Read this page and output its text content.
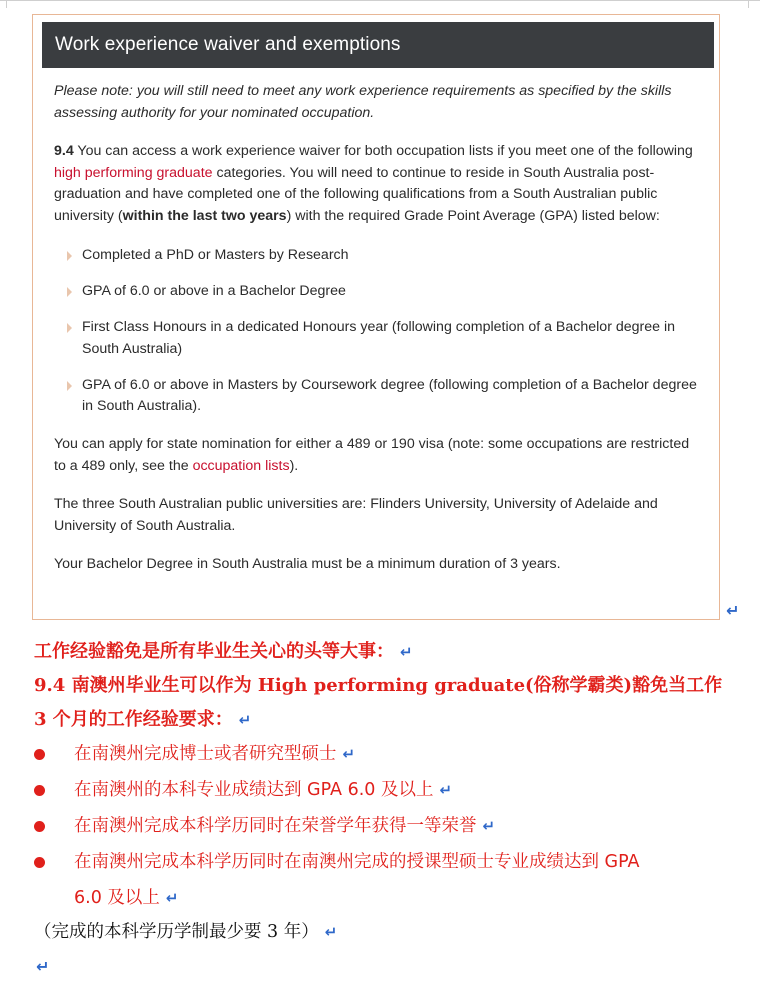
Work experience waiver and exemptions

Please note: you will still need to meet any work experience requirements as specified by the skills assessing authority for your nominated occupation.

9.4 You can access a work experience waiver for both occupation lists if you meet one of the following high performing graduate categories. You will need to continue to reside in South Australia post-graduation and have completed one of the following qualifications from a South Australian public university (within the last two years) with the required Grade Point Average (GPA) listed below:

Completed a PhD or Masters by Research
GPA of 6.0 or above in a Bachelor Degree
First Class Honours in a dedicated Honours year (following completion of a Bachelor degree in South Australia)
GPA of 6.0 or above in Masters by Coursework degree (following completion of a Bachelor degree in South Australia).

You can apply for state nomination for either a 489 or 190 visa (note: some occupations are restricted to a 489 only, see the occupation lists).

The three South Australian public universities are: Flinders University, University of Adelaide and University of South Australia.

Your Bachelor Degree in South Australia must be a minimum duration of 3 years.

↵
工作经验豁免是所有毕业生关心的头等大事： ↵
9.4 南澳州毕业生可以作为 High performing graduate(俗称学霸类)豁免当工作
3 个月的工作经验要求： ↵
在南澳州完成博士或者研究型硕士 ↵
在南澳州的本科专业成绩达到 GPA 6.0 及以上 ↵
在南澳州完成本科学历同时在荣誉学年获得一等荣誉 ↵
在南澳州完成本科学历同时在南澳州完成的授课型硕士专业成绩达到 GPA
6.0 及以上 ↵
（完成的本科学历学制最少要 3 年） ↵
↵
